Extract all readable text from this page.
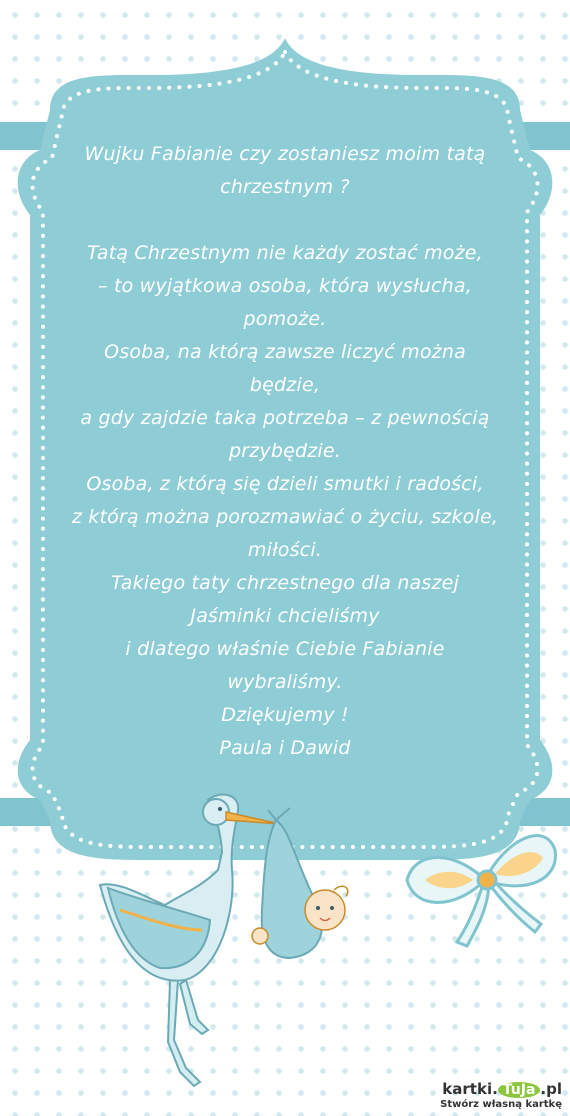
Wujku Fabianie czy zostaniesz moim tatą

chrzestnym ?

Tatą Chrzestnym nie każdy zostać może,

– to wyjątkowa osoba, która wysłucha,

pomoże.

Osoba, na którą zawsze liczyć można

będzie,

a gdy zajdzie taka potrzeba – z pewnością

przybędzie.

Osoba, z którą się dzieli smutki i radości,

z którą można porozmawiać o życiu, szkole,

miłości.

Takiego taty chrzestnego dla naszej

Jaśminki chcieliśmy

i dlatego właśnie Ciebie Fabianie

wybraliśmy.

Dziękujemy !

Paula i Dawid

kartki. TuJa .pl
Stwórz własną kartkę
